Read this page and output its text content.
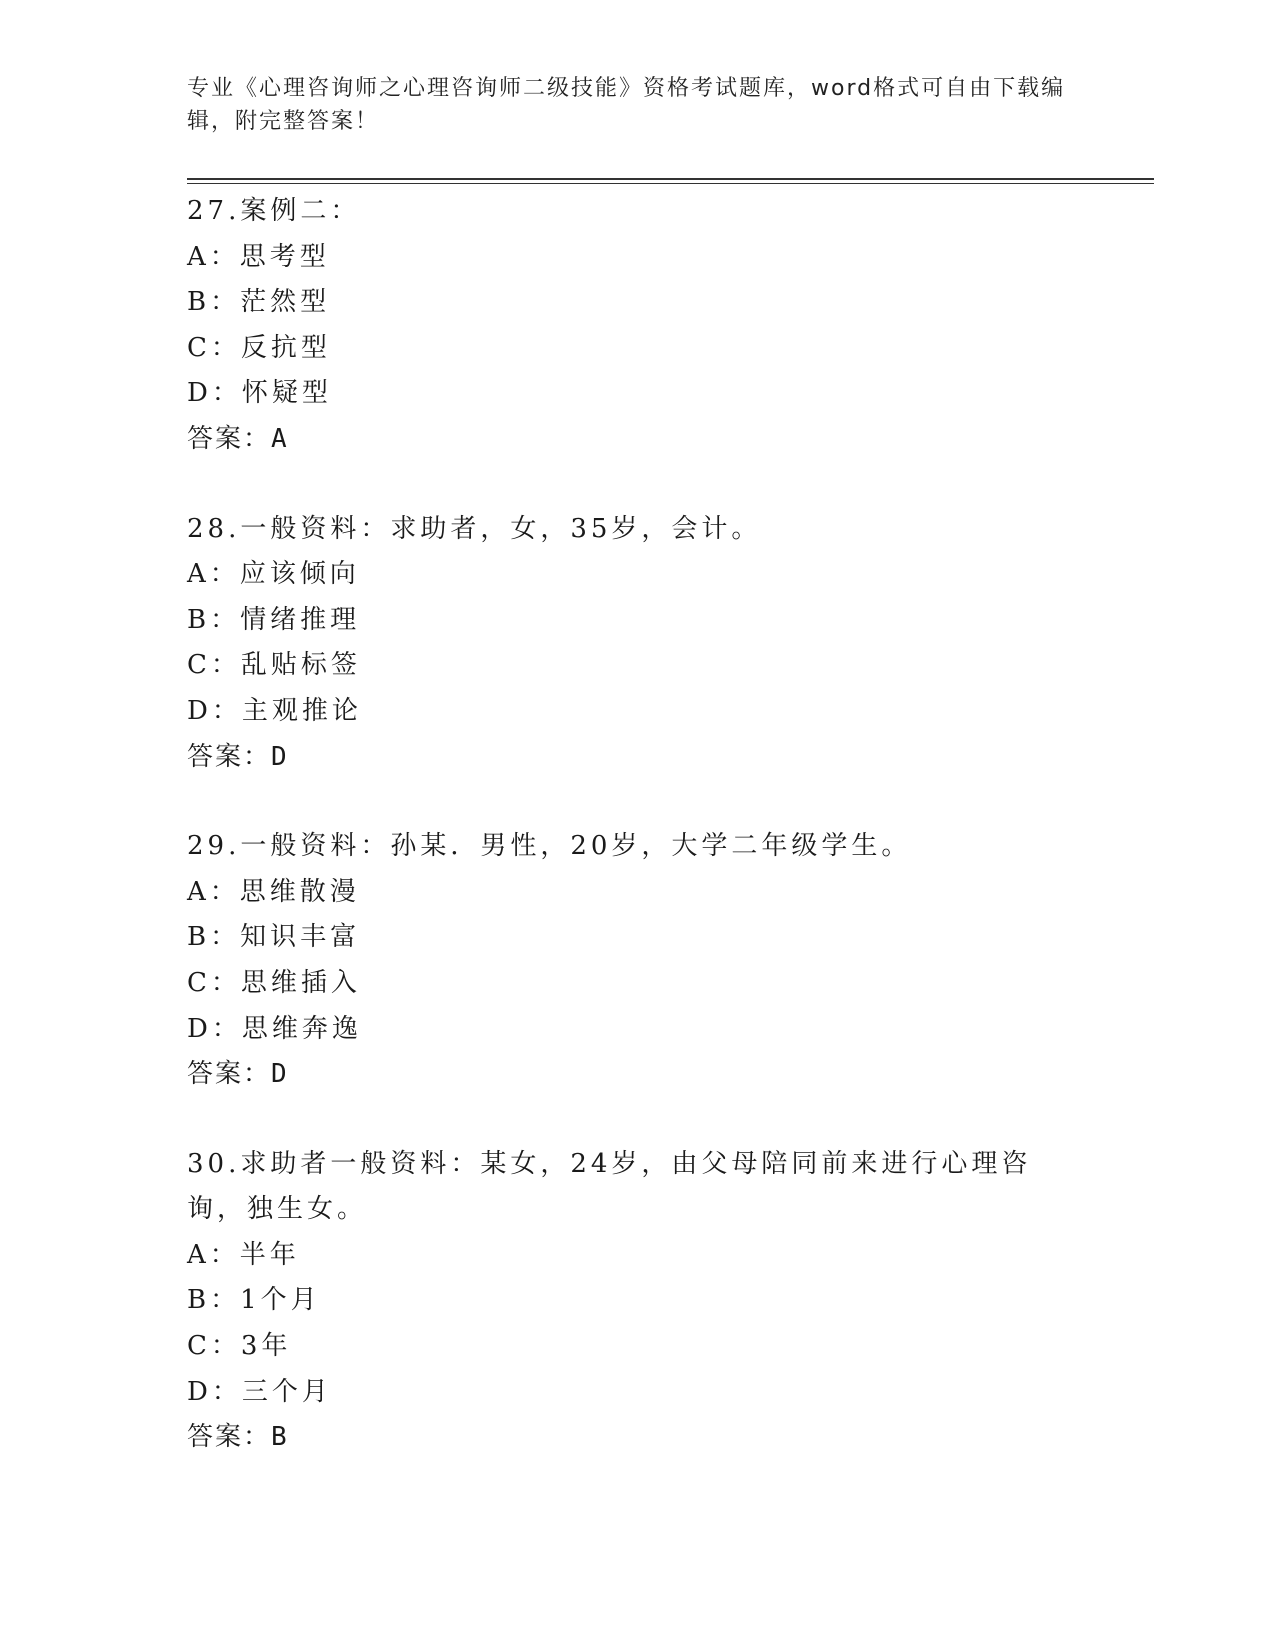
专业《心理咨询师之心理咨询师二级技能》资格考试题库，word格式可自由下载编辑，附完整答案！
27.案例二：
A：思考型
B：茫然型
C：反抗型
D：怀疑型
答案：A
28.一般资料：求助者，女，35岁，会计。
A：应该倾向
B：情绪推理
C：乱贴标签
D：主观推论
答案：D
29.一般资料：孙某．男性，20岁，大学二年级学生。
A：思维散漫
B：知识丰富
C：思维插入
D：思维奔逸
答案：D
30.求助者一般资料：某女，24岁，由父母陪同前来进行心理咨询，独生女。
A：半年
B：1个月
C：3年
D：三个月
答案：B
